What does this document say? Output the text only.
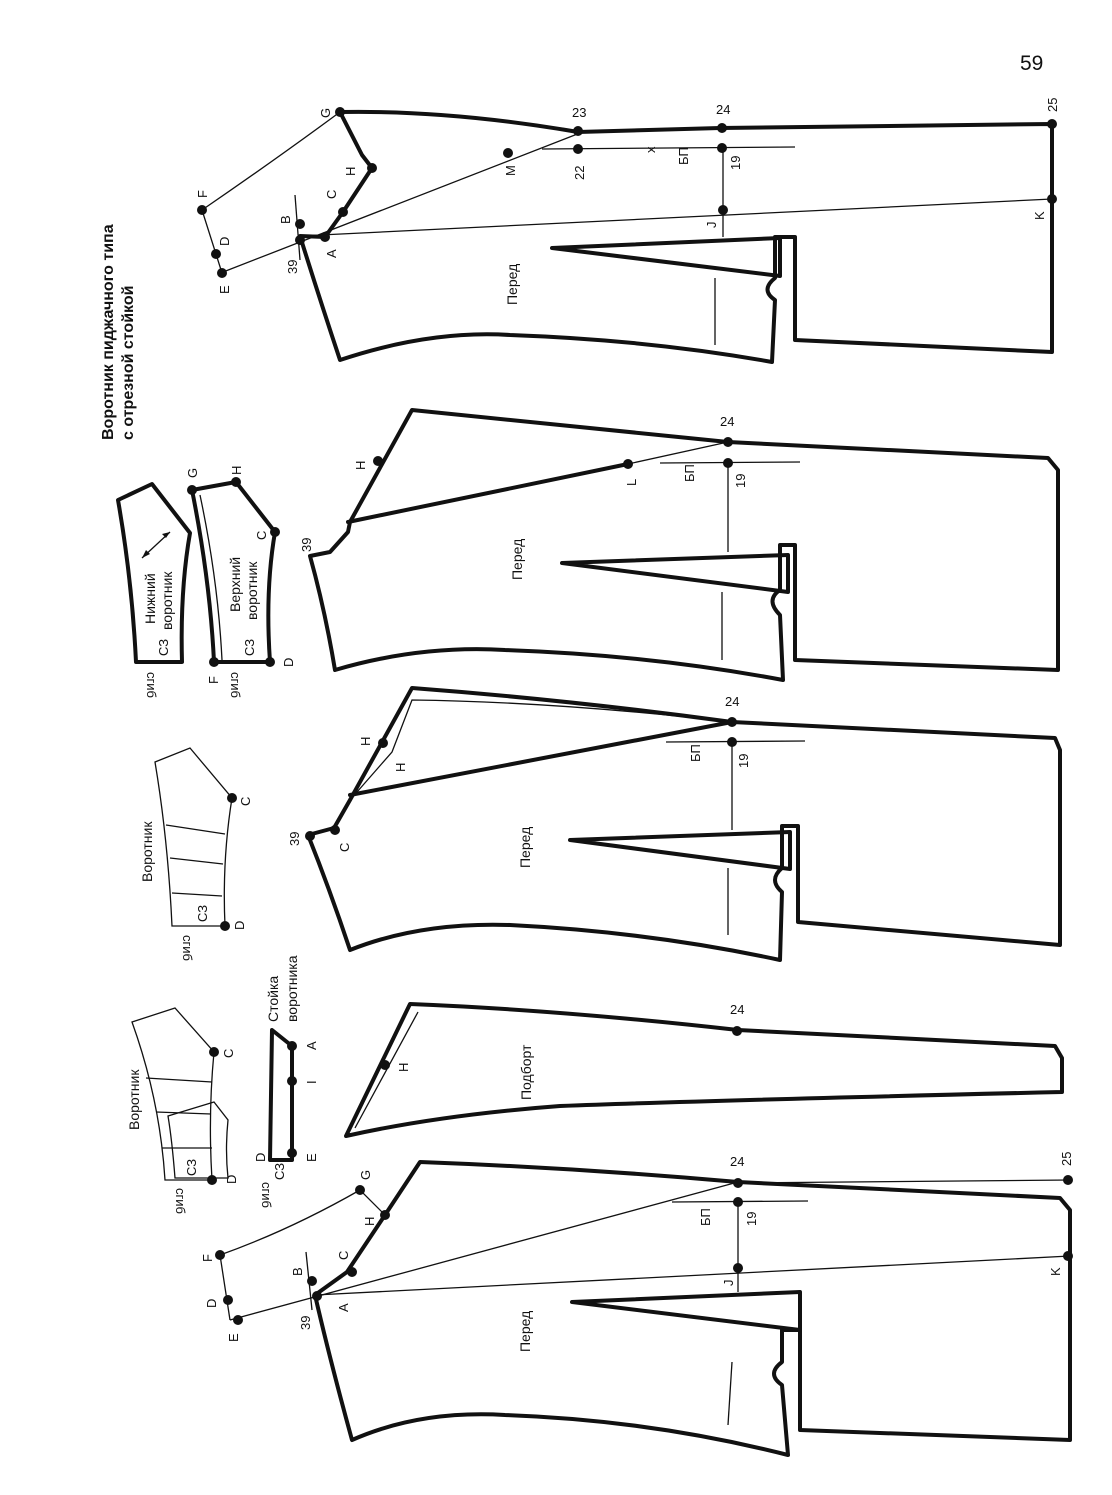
59
Воротник пиджачного типа с отрезной стойкой
G
H
C
B
A
39
F
D
E
M
23
22
x БП	19
24	25
K
J
Перед
H
L
24
БП	19
39	Перед
G H
C
D
F
Верхний воротник
СЗ
сгиб
Нижний воротник
СЗ
сгиб
H
H
C
39
24
БП	19
Перед
C
D
Воротник
СЗ
сгиб
H
24
Подборт
C
D
Воротник
СЗ
сгиб
A
I
E
D
СЗ
сгиб
Стойка воротника
G
H
C
B
A
39
F
D
E
24
БП 19
25
K
J
Перед
